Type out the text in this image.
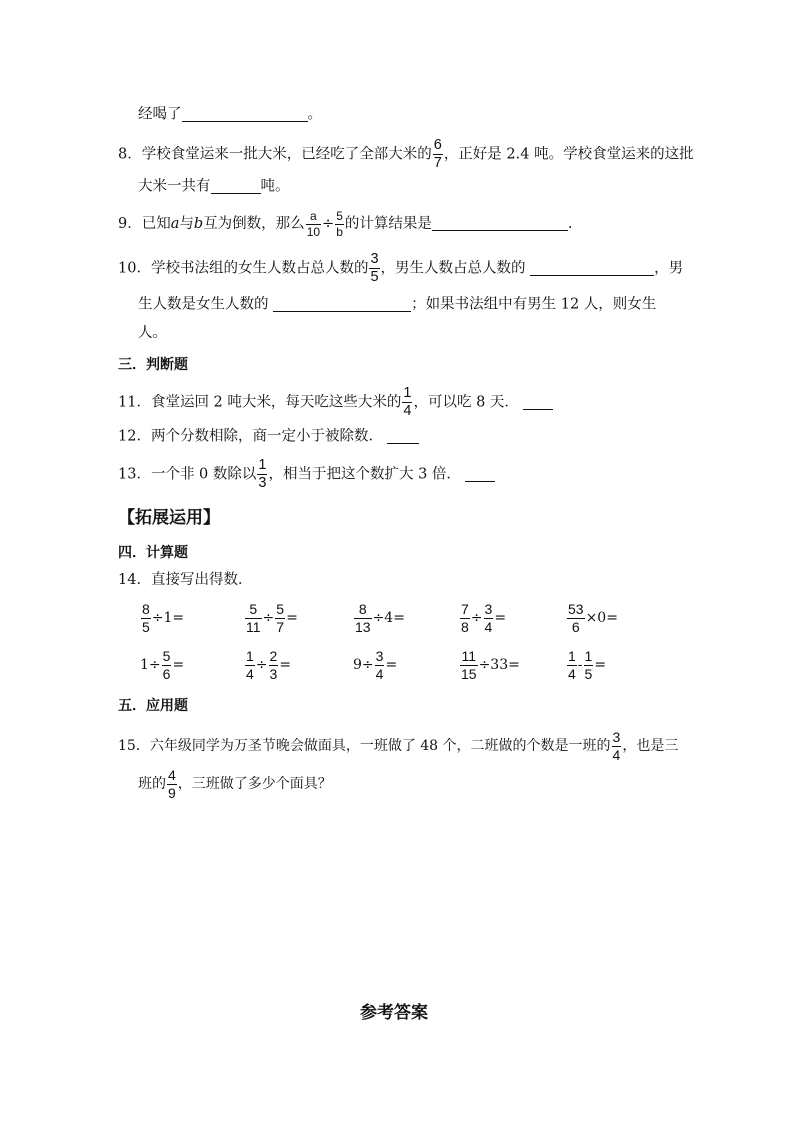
经喝了	。
8．学校食堂运来一批大米，已经吃了全部大米的 $\frac{6}{7}$ ，正好是 2.4 吨。学校食堂运来的这批
大米一共有	吨。
9．已知a与b互为倒数，那么 $\frac{a}{10} \div \frac{5}{b}$ 的计算结果是	.
10．学校书法组的女生人数占总人数的 $\frac{3}{5}$ ，男生人数占总人数的	，男
生人数是女生人数的	；如果书法组中有男生 12 人，则女生
人。
三．判断题
11．食堂运回 2 吨大米，每天吃这些大米的 $\frac{1}{4}$ ，可以吃 8 天．
12．两个分数相除，商一定小于被除数．
13．一个非 0 数除以 $\frac{1}{3}$ ，相当于把这个数扩大 3 倍．
【拓展运用】
四．计算题
14．直接写出得数．
$\frac{8}{5} \div 1=$	$\frac{5}{11} \div \frac{5}{7}$ =	$\frac{8}{13} \div 4=$	$\frac{7}{8} \div \frac{3}{4}$ =	$\frac{53}{6} \times 0=$
$1\div \frac{5}{6}$ =	$\frac{1}{4} \div \frac{2}{3}$ =	$9\div \frac{3}{4}$ =	$\frac{11}{15} \div 33=$	$\frac{1}{4} - \frac{1}{5}$ =
五．应用题
15．六年级同学为万圣节晚会做面具，一班做了 48 个，二班做的个数是一班的 $\frac{3}{4}$ ，也是三
班的 $\frac{4}{9}$ ，三班做了多少个面具？
参考答案
